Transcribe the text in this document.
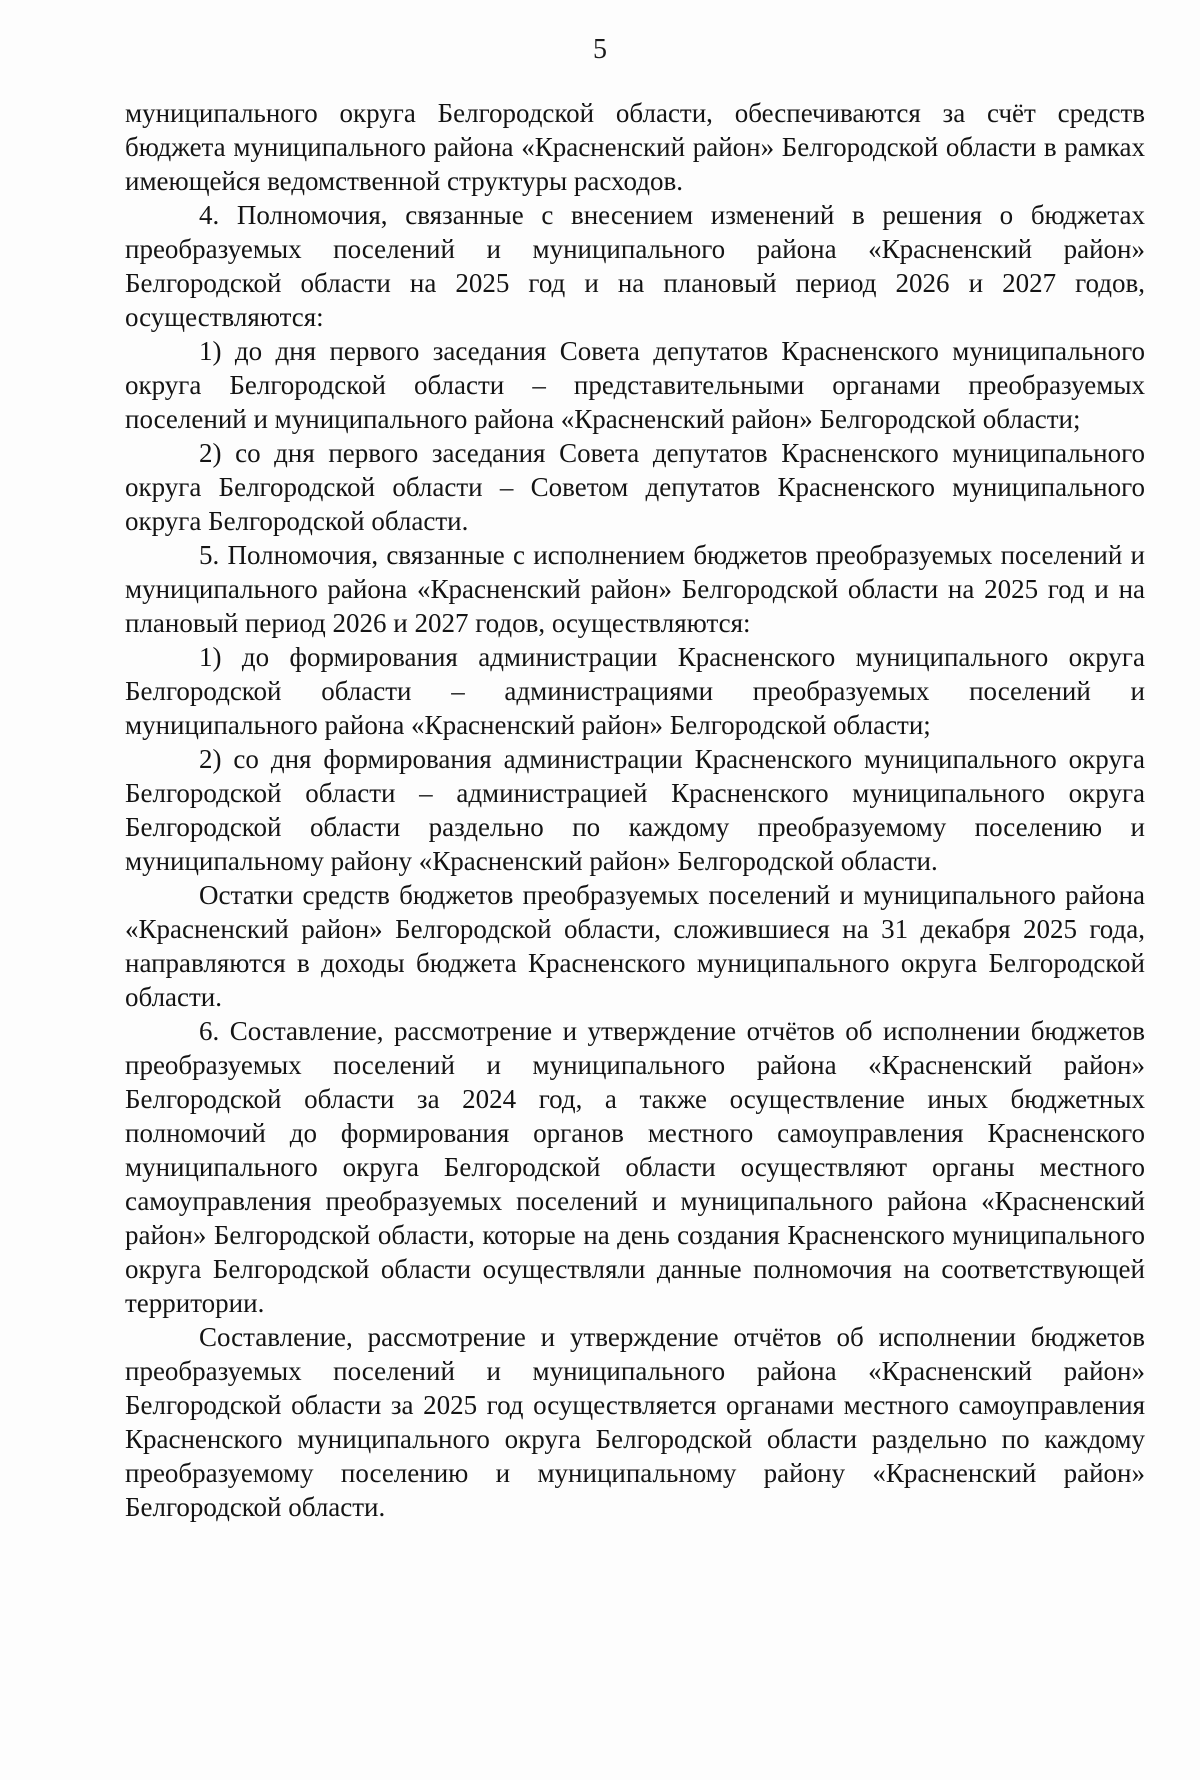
5

муниципального округа Белгородской области, обеспечиваются за счёт средств бюджета муниципального района «Красненский район» Белгородской области в рамках имеющейся ведомственной структуры расходов.

4. Полномочия, связанные с внесением изменений в решения о бюджетах преобразуемых поселений и муниципального района «Красненский район» Белгородской области на 2025 год и на плановый период 2026 и 2027 годов, осуществляются:

1) до дня первого заседания Совета депутатов Красненского муниципального округа Белгородской области – представительными органами преобразуемых поселений и муниципального района «Красненский район» Белгородской области;

2) со дня первого заседания Совета депутатов Красненского муниципального округа Белгородской области – Советом депутатов Красненского муниципального округа Белгородской области.

5. Полномочия, связанные с исполнением бюджетов преобразуемых поселений и муниципального района «Красненский район» Белгородской области на 2025 год и на плановый период 2026 и 2027 годов, осуществляются:

1) до формирования администрации Красненского муниципального округа Белгородской области – администрациями преобразуемых поселений и муниципального района «Красненский район» Белгородской области;

2) со дня формирования администрации Красненского муниципального округа Белгородской области – администрацией Красненского муниципального округа Белгородской области раздельно по каждому преобразуемому поселению и муниципальному району «Красненский район» Белгородской области.

Остатки средств бюджетов преобразуемых поселений и муниципального района «Красненский район» Белгородской области, сложившиеся на 31 декабря 2025 года, направляются в доходы бюджета Красненского муниципального округа Белгородской области.

6. Составление, рассмотрение и утверждение отчётов об исполнении бюджетов преобразуемых поселений и муниципального района «Красненский район» Белгородской области за 2024 год, а также осуществление иных бюджетных полномочий до формирования органов местного самоуправления Красненского муниципального округа Белгородской области осуществляют органы местного самоуправления преобразуемых поселений и муниципального района «Красненский район» Белгородской области, которые на день создания Красненского муниципального округа Белгородской области осуществляли данные полномочия на соответствующей территории.

Составление, рассмотрение и утверждение отчётов об исполнении бюджетов преобразуемых поселений и муниципального района «Красненский район» Белгородской области за 2025 год осуществляется органами местного самоуправления Красненского муниципального округа Белгородской области раздельно по каждому преобразуемому поселению и муниципальному району «Красненский район» Белгородской области.
